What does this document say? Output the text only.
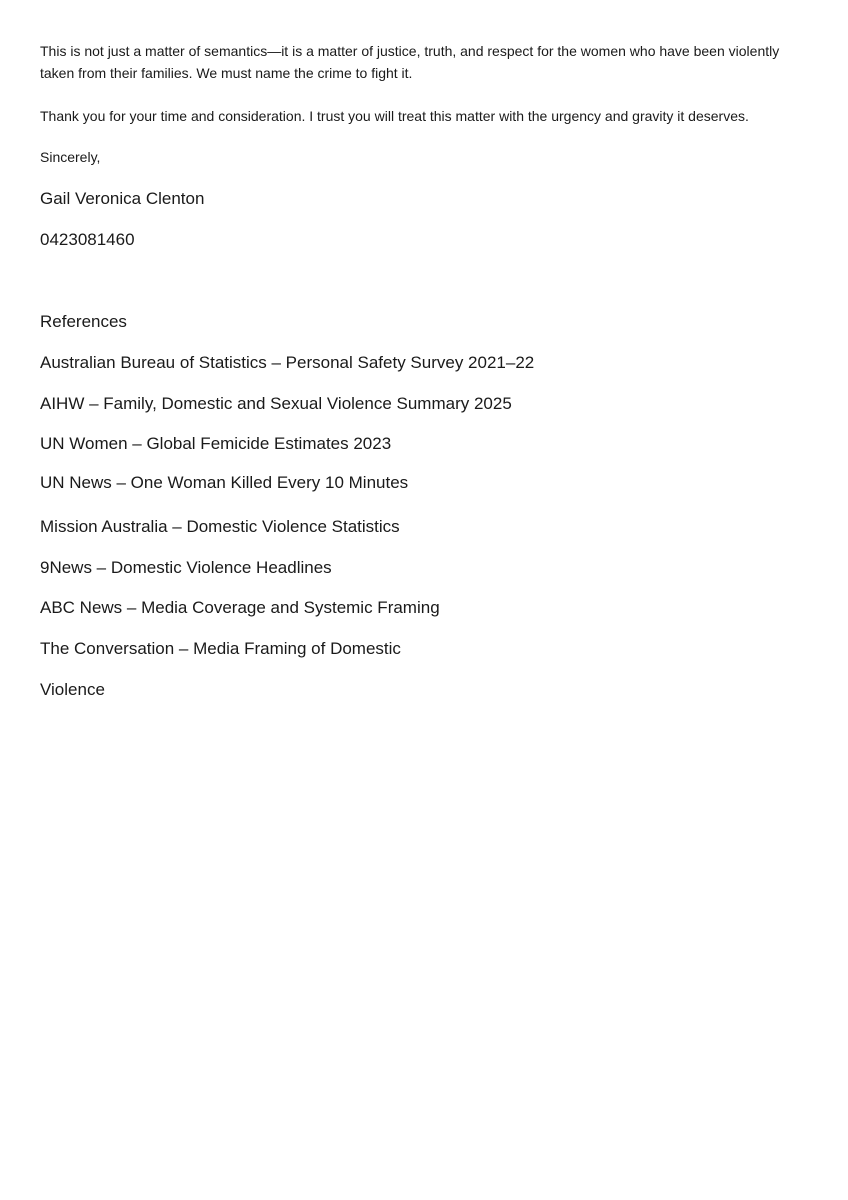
This is not just a matter of semantics—it is a matter of justice, truth, and respect for the women who have been violently taken from their families. We must name the crime to fight it.

Thank you for your time and consideration. I trust you will treat this matter with the urgency and gravity it deserves.

Sincerely,

Gail Veronica Clenton

0423081460

References

Australian Bureau of Statistics – Personal Safety Survey 2021–22
AIHW – Family, Domestic and Sexual Violence Summary 2025
UN Women – Global Femicide Estimates 2023
UN News – One Woman Killed Every 10 Minutes
Mission Australia – Domestic Violence Statistics
9News – Domestic Violence Headlines
ABC News – Media Coverage and Systemic Framing
The Conversation – Media Framing of Domestic
Violence
